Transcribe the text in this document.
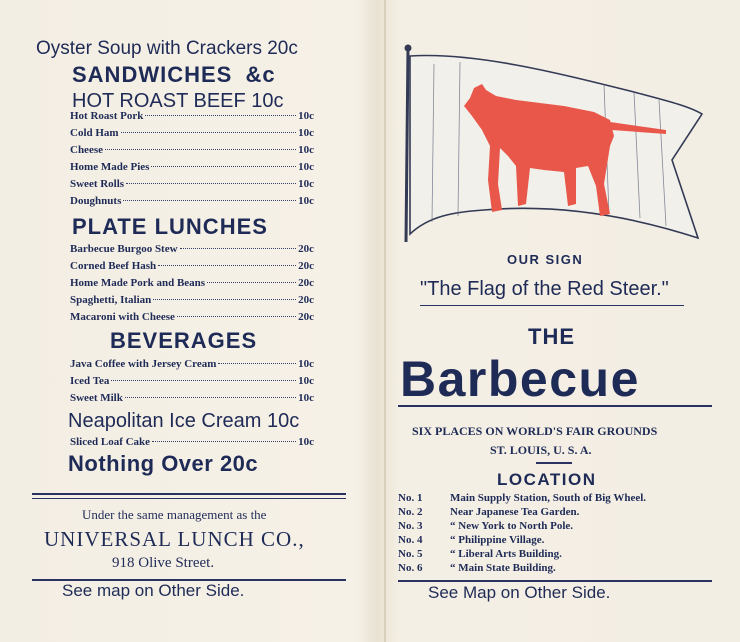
Oyster Soup with Crackers 20c
SANDWICHES &c
HOT ROAST BEEF 10c
Hot Roast Pork	10c
Cold Ham	10c
Cheese	10c
Home Made Pies	10c
Sweet Rolls	10c
Doughnuts	10c
PLATE LUNCHES
Barbecue Burgoo Stew	20c
Corned Beef Hash	20c
Home Made Pork and Beans	20c
Spaghetti, Italian	20c
Macaroni with Cheese	20c
BEVERAGES
Java Coffee with Jersey Cream	10c
Iced Tea	10c
Sweet Milk	10c
Neapolitan Ice Cream 10c
Sliced Loaf Cake	10c
Nothing Over 20c
Under the same management as the
UNIVERSAL LUNCH CO.,
918 Olive Street.
See map on Other Side.
OUR SIGN
"The Flag of the Red Steer."
THE
Barbecue
SIX PLACES ON WORLD'S FAIR GROUNDS
ST. LOUIS, U. S. A.
LOCATION
No. 1	Main Supply Station, South of Big Wheel.
No. 2	Near Japanese Tea Garden.
No. 3	“ New York to North Pole.
No. 4	“ Philippine Village.
No. 5	“ Liberal Arts Building.
No. 6	“ Main State Building.
See Map on Other Side.
